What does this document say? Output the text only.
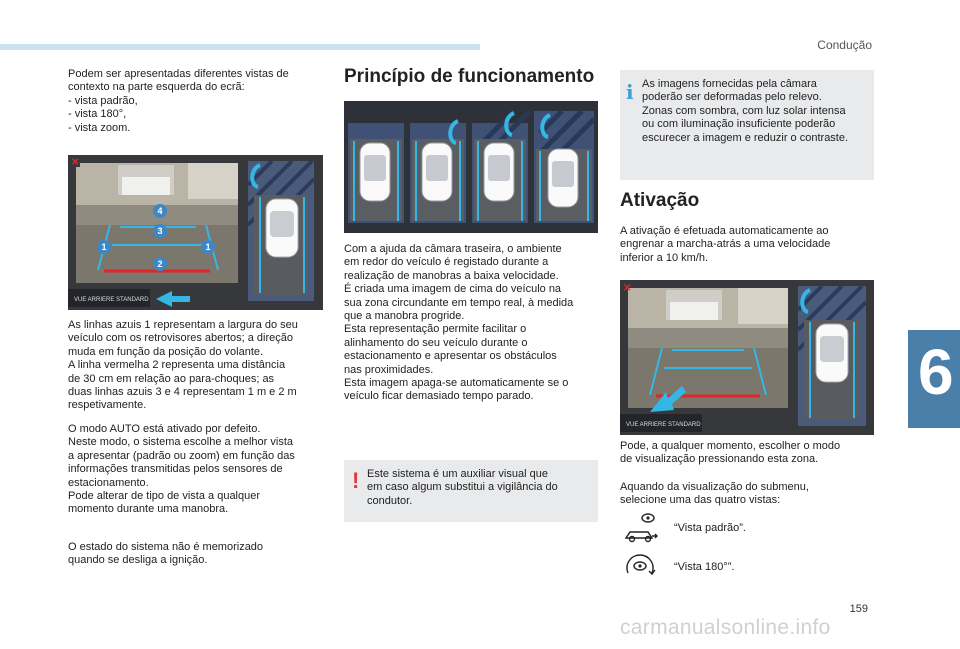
Condução
6
159
carmanualsonline.info
Podem ser apresentadas diferentes vistas de
contexto na parte esquerda do ecrã:
- vista padrão,
- vista 180°,
- vista zoom.
✕
VUE ARRIERE STANDARD
1
2
3
4
1
As linhas azuis 1 representam a largura do seu
veículo com os retrovisores abertos; a direção
muda em função da posição do volante.
A linha vermelha 2 representa uma distância
de 30 cm em relação ao para-choques; as
duas linhas azuis 3 e 4 representam 1 m e 2 m
respetivamente.
O modo AUTO está ativado por defeito.
Neste modo, o sistema escolhe a melhor vista
a apresentar (padrão ou zoom) em função das
informações transmitidas pelos sensores de
estacionamento.
Pode alterar de tipo de vista a qualquer
momento durante uma manobra.
O estado do sistema não é memorizado
quando se desliga a ignição.
Princípio de funcionamento
Com a ajuda da câmara traseira, o ambiente
em redor do veículo é registado durante a
realização de manobras a baixa velocidade.
É criada uma imagem de cima do veículo na
sua zona circundante em tempo real, à medida
que a manobra progride.
Esta representação permite facilitar o
alinhamento do seu veículo durante o
estacionamento e apresentar os obstáculos
nas proximidades.
Esta imagem apaga-se automaticamente se o
veículo ficar demasiado tempo parado.
! Este sistema é um auxiliar visual que
em caso algum substitui a vigilância do
condutor.
i As imagens fornecidas pela câmara
poderão ser deformadas pelo relevo.
Zonas com sombra, com luz solar intensa
ou com iluminação insuficiente poderão
escurecer a imagem e reduzir o contraste.
Ativação
A ativação é efetuada automaticamente ao
engrenar a marcha-atrás a uma velocidade
inferior a 10 km/h.
✕
VUE ARRIERE STANDARD
Pode, a qualquer momento, escolher o modo
de visualização pressionando esta zona.
Aquando da visualização do submenu,
selecione uma das quatro vistas:
“Vista padrão”.
“Vista 180°”.
